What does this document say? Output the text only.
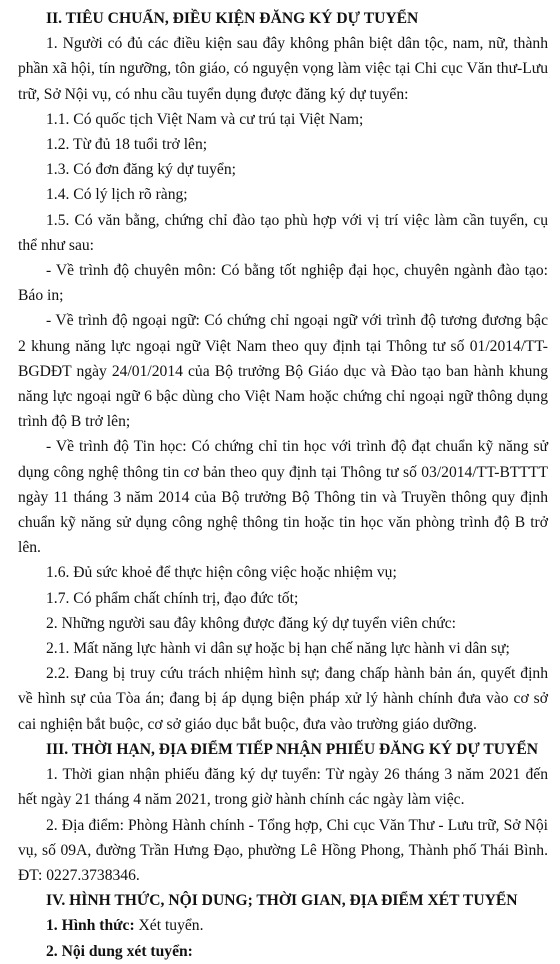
II. TIÊU CHUẨN, ĐIỀU KIỆN ĐĂNG KÝ DỰ TUYỂN

1. Người có đủ các điều kiện sau đây không phân biệt dân tộc, nam, nữ, thành phần xã hội, tín ngưỡng, tôn giáo, có nguyện vọng làm việc tại Chi cục Văn thư-Lưu trữ, Sở Nội vụ, có nhu cầu tuyển dụng được đăng ký dự tuyển:

1.1. Có quốc tịch Việt Nam và cư trú tại Việt Nam;

1.2. Từ đủ 18 tuổi trở lên;

1.3. Có đơn đăng ký dự tuyển;

1.4. Có lý lịch rõ ràng;

1.5. Có văn bằng, chứng chỉ đào tạo phù hợp với vị trí việc làm cần tuyển, cụ thể như sau:

- Về trình độ chuyên môn: Có bằng tốt nghiệp đại học, chuyên ngành đào tạo: Báo in;

- Về trình độ ngoại ngữ: Có chứng chỉ ngoại ngữ với trình độ tương đương bậc 2 khung năng lực ngoại ngữ Việt Nam theo quy định tại Thông tư số 01/2014/TT-BGDĐT ngày 24/01/2014 của Bộ trưởng Bộ Giáo dục và Đào tạo ban hành khung năng lực ngoại ngữ 6 bậc dùng cho Việt Nam hoặc chứng chỉ ngoại ngữ thông dụng trình độ B trở lên;

- Về trình độ Tin học: Có chứng chỉ tin học với trình độ đạt chuẩn kỹ năng sử dụng công nghệ thông tin cơ bản theo quy định tại Thông tư số 03/2014/TT-BTTTT ngày 11 tháng 3 năm 2014 của Bộ trưởng Bộ Thông tin và Truyền thông quy định chuẩn kỹ năng sử dụng công nghệ thông tin hoặc tin học văn phòng trình độ B trở lên.

1.6. Đủ sức khoẻ để thực hiện công việc hoặc nhiệm vụ;

1.7. Có phẩm chất chính trị, đạo đức tốt;

2. Những người sau đây không được đăng ký dự tuyển viên chức:

2.1. Mất năng lực hành vi dân sự hoặc bị hạn chế năng lực hành vi dân sự;

2.2. Đang bị truy cứu trách nhiệm hình sự; đang chấp hành bản án, quyết định về hình sự của Tòa án; đang bị áp dụng biện pháp xử lý hành chính đưa vào cơ sở cai nghiện bắt buộc, cơ sở giáo dục bắt buộc, đưa vào trường giáo dưỡng.

III. THỜI HẠN, ĐỊA ĐIỂM TIẾP NHẬN PHIẾU ĐĂNG KÝ DỰ TUYỂN

1. Thời gian nhận phiếu đăng ký dự tuyển: Từ ngày 26 tháng 3 năm 2021 đến hết ngày 21 tháng 4 năm 2021, trong giờ hành chính các ngày làm việc.

2. Địa điểm: Phòng Hành chính - Tổng hợp, Chi cục Văn Thư - Lưu trữ, Sở Nội vụ, số 09A, đường Trần Hưng Đạo, phường Lê Hồng Phong, Thành phố Thái Bình. ĐT: 0227.3738346.

IV. HÌNH THỨC, NỘI DUNG; THỜI GIAN, ĐỊA ĐIỂM XÉT TUYỂN

1. Hình thức: Xét tuyển.

2. Nội dung xét tuyển:
